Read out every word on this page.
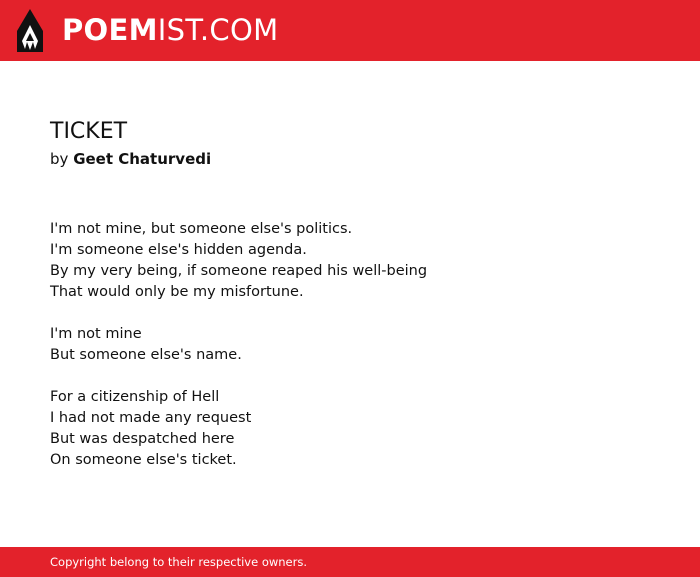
POEMIST.COM
TICKET
by Geet Chaturvedi
I'm not mine, but someone else's politics.
I'm someone else's hidden agenda.
By my very being, if someone reaped his well-being
That would only be my misfortune.
I'm not mine
But someone else's name.
For a citizenship of Hell
I had not made any request
But was despatched here
On someone else's ticket.
Copyright belong to their respective owners.
